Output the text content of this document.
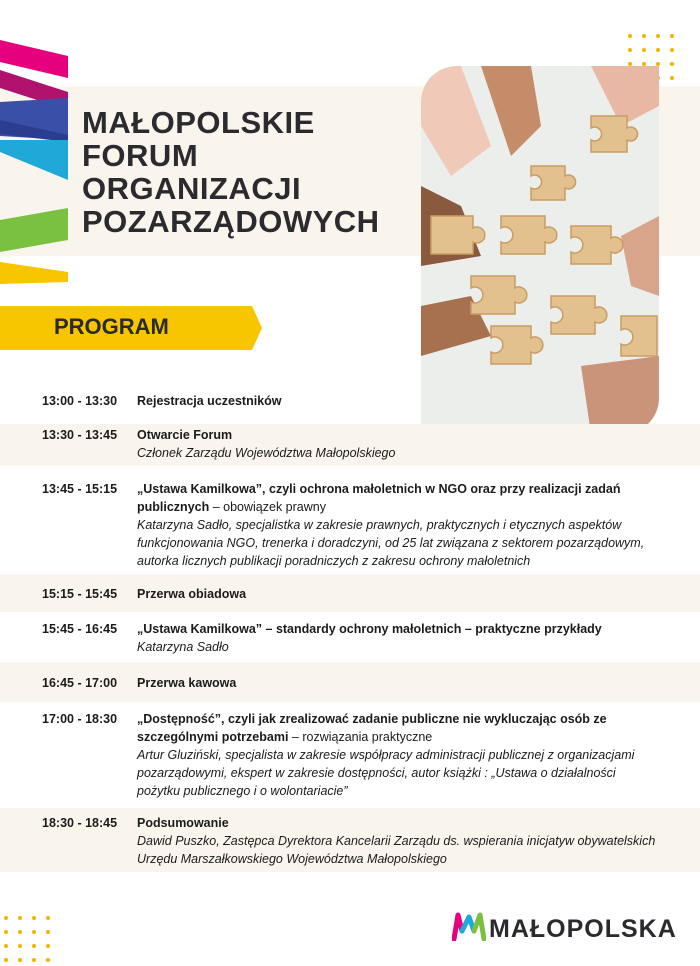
MAŁOPOLSKIE
FORUM
ORGANIZACJI
POZARZĄDOWYCH
PROGRAM
13:00 - 13:30 Rejestracja uczestników
13:30 - 13:45 Otwarcie Forum
Członek Zarządu Województwa Małopolskiego
13:45 - 15:15 „Ustawa Kamilkowa”, czyli ochrona małoletnich w NGO oraz przy realizacji zadań
publicznych – obowiązek prawny
Katarzyna Sadło, specjalistka w zakresie prawnych, praktycznych i etycznych aspektów
funkcjonowania NGO, trenerka i doradczyni, od 25 lat związana z sektorem pozarządowym,
autorka licznych publikacji poradniczych z zakresu ochrony małoletnich
15:15 - 15:45 Przerwa obiadowa
15:45 - 16:45 „Ustawa Kamilkowa” – standardy ochrony małoletnich – praktyczne przykłady
Katarzyna Sadło
16:45 - 17:00 Przerwa kawowa
17:00 - 18:30 „Dostępność”, czyli jak zrealizować zadanie publiczne nie wykluczając osób ze
szczególnymi potrzebami – rozwiązania praktyczne
Artur Gluziński, specjalista w zakresie współpracy administracji publicznej z organizacjami
pozarządowymi, ekspert w zakresie dostępności, autor książki : „Ustawa o działalności
pożytku publicznego i o wolontariacie”
18:30 - 18:45 Podsumowanie
Dawid Puszko, Zastępca Dyrektora Kancelarii Zarządu ds. wspierania inicjatyw obywatelskich
Urzędu Marszałkowskiego Województwa Małopolskiego
MAŁOPOLSKA
